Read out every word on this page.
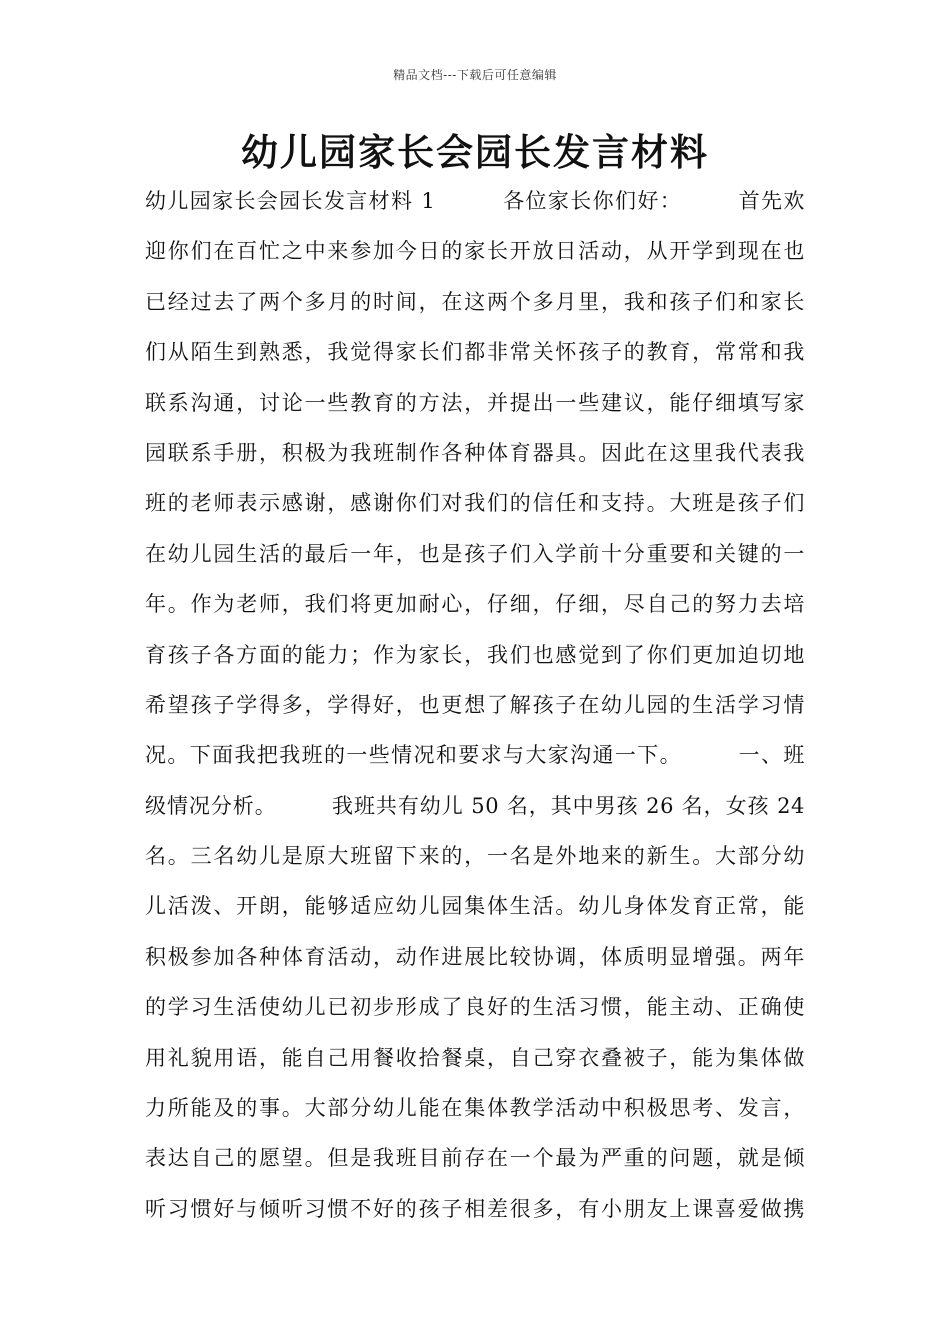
精品文档---下载后可任意编辑
幼儿园家长会园长发言材料
幼儿园家长会园长发言材料 1　　　各位家长你们好：　　　首先欢
迎你们在百忙之中来参加今日的家长开放日活动，从开学到现在也
已经过去了两个多月的时间，在这两个多月里，我和孩子们和家长
们从陌生到熟悉，我觉得家长们都非常关怀孩子的教育，常常和我
联系沟通，讨论一些教育的方法，并提出一些建议，能仔细填写家
园联系手册，积极为我班制作各种体育器具。因此在这里我代表我
班的老师表示感谢，感谢你们对我们的信任和支持。大班是孩子们
在幼儿园生活的最后一年，也是孩子们入学前十分重要和关键的一
年。作为老师，我们将更加耐心，仔细，仔细，尽自己的努力去培
育孩子各方面的能力；作为家长，我们也感觉到了你们更加迫切地
希望孩子学得多，学得好，也更想了解孩子在幼儿园的生活学习情
况。下面我把我班的一些情况和要求与大家沟通一下。　　　一、班
级情况分析。　　　我班共有幼儿 50 名，其中男孩 26 名，女孩 24
名。三名幼儿是原大班留下来的，一名是外地来的新生。大部分幼
儿活泼、开朗，能够适应幼儿园集体生活。幼儿身体发育正常，能
积极参加各种体育活动，动作进展比较协调，体质明显增强。两年
的学习生活使幼儿已初步形成了良好的生活习惯，能主动、正确使
用礼貌用语，能自己用餐收拾餐桌，自己穿衣叠被子，能为集体做
力所能及的事。大部分幼儿能在集体教学活动中积极思考、发言，
表达自己的愿望。但是我班目前存在一个最为严重的问题，就是倾
听习惯好与倾听习惯不好的孩子相差很多，有小朋友上课喜爱做携
